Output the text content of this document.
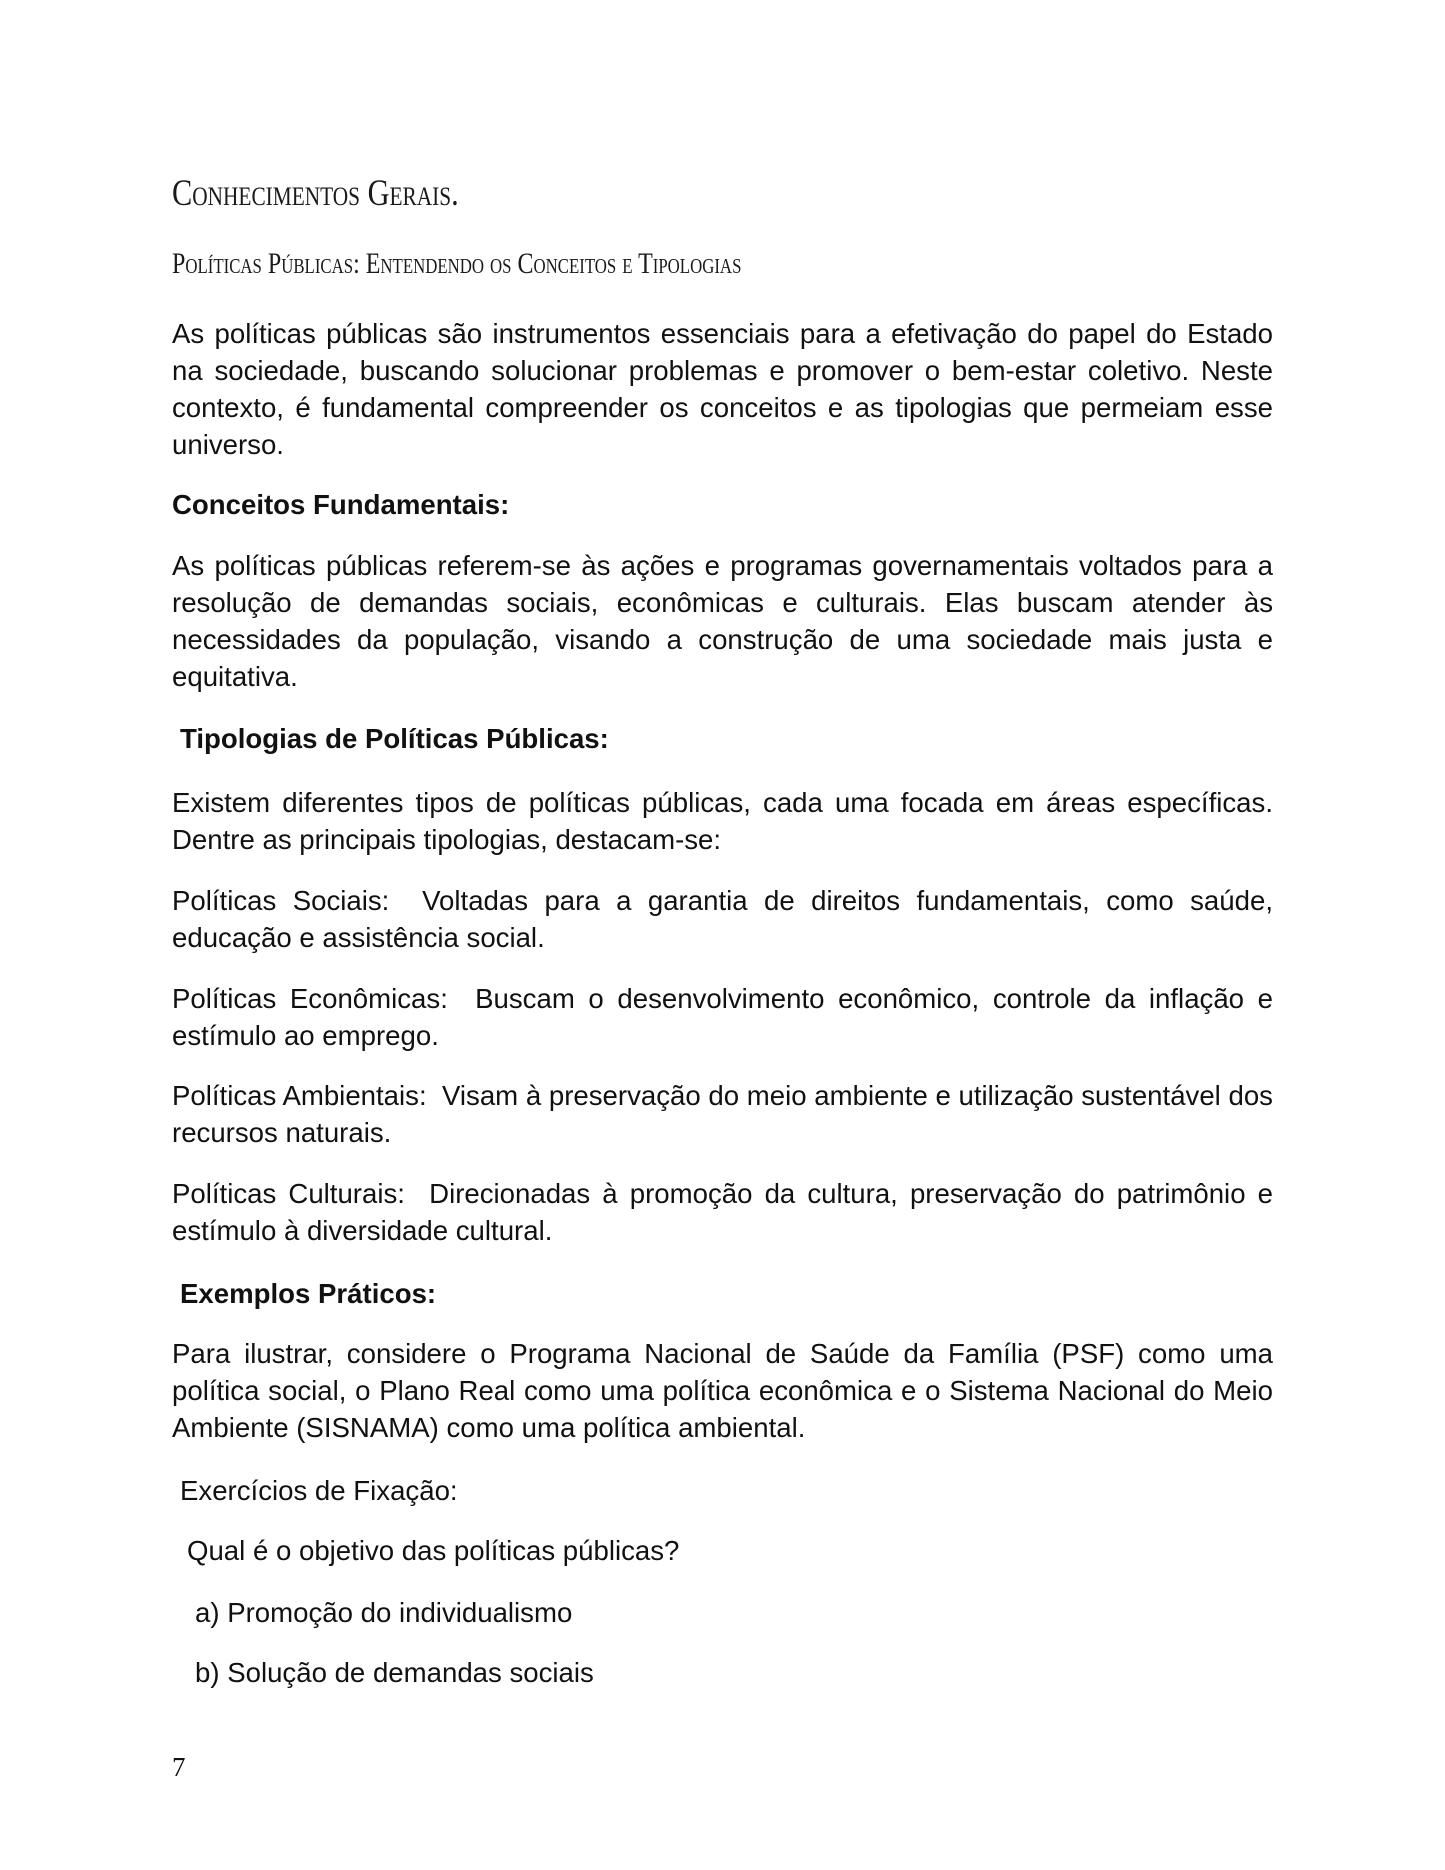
Conhecimentos Gerais.
Políticas Públicas: Entendendo os Conceitos e Tipologias

As políticas públicas são instrumentos essenciais para a efetivação do papel do Estado na sociedade, buscando solucionar problemas e promover o bem-estar coletivo. Neste contexto, é fundamental compreender os conceitos e as tipologias que permeiam esse universo.

Conceitos Fundamentais:

As políticas públicas referem-se às ações e programas governamentais voltados para a resolução de demandas sociais, econômicas e culturais. Elas buscam atender às necessidades da população, visando a construção de uma sociedade mais justa e equitativa.

Tipologias de Políticas Públicas:

Existem diferentes tipos de políticas públicas, cada uma focada em áreas específicas. Dentre as principais tipologias, destacam-se:

Políticas Sociais: Voltadas para a garantia de direitos fundamentais, como saúde, educação e assistência social.

Políticas Econômicas: Buscam o desenvolvimento econômico, controle da inflação e estímulo ao emprego.

Políticas Ambientais: Visam à preservação do meio ambiente e utilização sustentável dos recursos naturais.

Políticas Culturais: Direcionadas à promoção da cultura, preservação do patrimônio e estímulo à diversidade cultural.

Exemplos Práticos:

Para ilustrar, considere o Programa Nacional de Saúde da Família (PSF) como uma política social, o Plano Real como uma política econômica e o Sistema Nacional do Meio Ambiente (SISNAMA) como uma política ambiental.

Exercícios de Fixação:

Qual é o objetivo das políticas públicas?

a) Promoção do individualismo

b) Solução de demandas sociais

7
